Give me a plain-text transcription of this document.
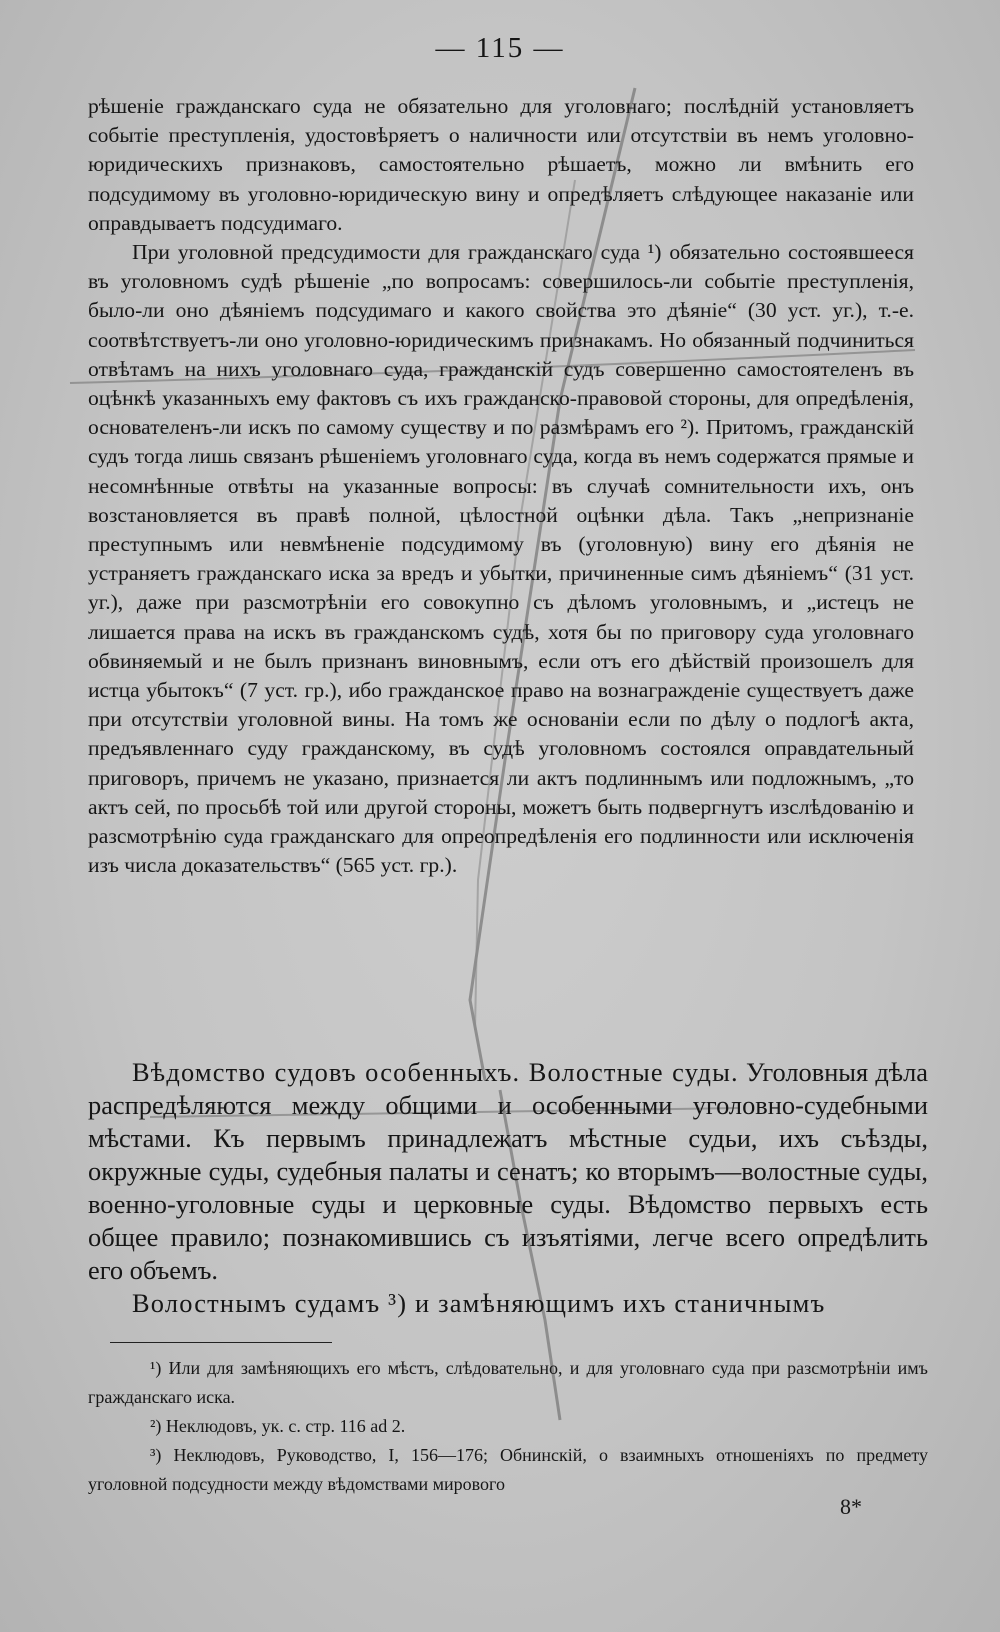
— 115 —

рѣшеніе гражданскаго суда не обязательно для уголовнаго; послѣдній установляетъ событіе преступленія, удостовѣряетъ о наличности или отсутствіи въ немъ уголовно-юридическихъ признаковъ, самостоятельно рѣшаетъ, можно ли вмѣнить его подсудимому въ уголовно-юридическую вину и опредѣляетъ слѣдующее наказаніе или оправдываетъ подсудимаго.

При уголовной предсудимости для гражданскаго суда ¹) обязательно состоявшееся въ уголовномъ судѣ рѣшеніе „по вопросамъ: совершилось-ли событіе преступленія, было-ли оно дѣяніемъ подсудимаго и какого свойства это дѣяніе“ (30 уст. уг.), т.-е. соотвѣтствуетъ-ли оно уголовно-юридическимъ признакамъ. Но обязанный подчиниться отвѣтамъ на нихъ уголовнаго суда, гражданскій судъ совершенно самостоятеленъ въ оцѣнкѣ указанныхъ ему фактовъ съ ихъ гражданско-правовой стороны, для опредѣленія, основателенъ-ли искъ по самому существу и по размѣрамъ его ²). Притомъ, гражданскій судъ тогда лишь связанъ рѣшеніемъ уголовнаго суда, когда въ немъ содержатся прямые и несомнѣнные отвѣты на указанные вопросы: въ случаѣ сомнительности ихъ, онъ возстановляется въ правѣ полной, цѣлостной оцѣнки дѣла. Такъ „непризнаніе преступнымъ или невмѣненіе подсудимому въ (уголовную) вину его дѣянія не устраняетъ гражданскаго иска за вредъ и убытки, причиненные симъ дѣяніемъ“ (31 уст. уг.), даже при разсмотрѣніи его совокупно съ дѣломъ уголовнымъ, и „истецъ не лишается права на искъ въ гражданскомъ судѣ, хотя бы по приговору суда уголовнаго обвиняемый и не былъ признанъ виновнымъ, если отъ его дѣйствій произошелъ для истца убытокъ“ (7 уст. гр.), ибо гражданское право на вознагражденіе существуетъ даже при отсутствіи уголовной вины. На томъ же основаніи если по дѣлу о подлогѣ акта, предъявленнаго суду гражданскому, въ судѣ уголовномъ состоялся оправдательный приговоръ, причемъ не указано, признается ли актъ подлиннымъ или подложнымъ, „то актъ сей, по просьбѣ той или другой стороны, можетъ быть подвергнутъ изслѣдованію и разсмотрѣнію суда гражданскаго для опреопредѣленія его подлинности или исключенія изъ числа доказательствъ“ (565 уст. гр.).

Вѣдомство судовъ особенныхъ. Волостные суды. Уголовныя дѣла распредѣляются между общими и особенными уголовно-судебными мѣстами. Къ первымъ принадлежатъ мѣстные судьи, ихъ съѣзды, окружные суды, судебныя палаты и сенатъ; ко вторымъ—волостные суды, военно-уголовные суды и церковные суды. Вѣдомство первыхъ есть общее правило; познакомившись съ изъятіями, легче всего опредѣлить его объемъ.

Волостнымъ судамъ ³) и замѣняющимъ ихъ станичнымъ

¹) Или для замѣняющихъ его мѣстъ, слѣдовательно, и для уголовнаго суда при разсмотрѣніи имъ гражданскаго иска.

²) Неклюдовъ, ук. с. стр. 116 ad 2.

³) Неклюдовъ, Руководство, I, 156—176; Обнинскій, о взаимныхъ отношеніяхъ по предмету уголовной подсудности между вѣдомствами мирового

8*
